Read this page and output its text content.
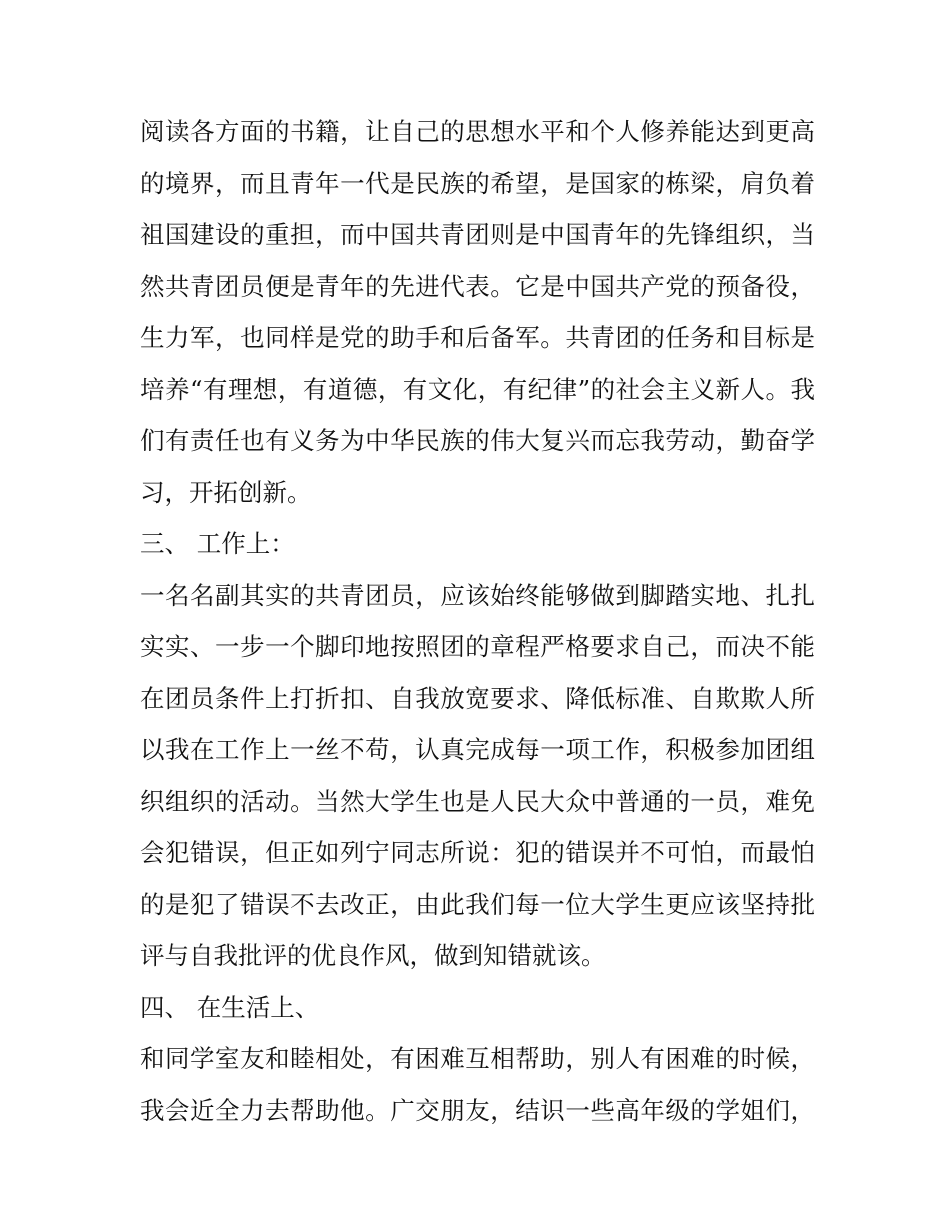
阅读各方面的书籍，让自己的思想水平和个人修养能达到更高

的境界，而且青年一代是民族的希望，是国家的栋梁，肩负着

祖国建设的重担，而中国共青团则是中国青年的先锋组织，当

然共青团员便是青年的先进代表。它是中国共产党的预备役，

生力军，也同样是党的助手和后备军。共青团的任务和目标是

培养“有理想，有道德，有文化，有纪律”的社会主义新人。我

们有责任也有义务为中华民族的伟大复兴而忘我劳动，勤奋学

习，开拓创新。

三、 工作上：

一名名副其实的共青团员，应该始终能够做到脚踏实地、扎扎

实实、一步一个脚印地按照团的章程严格要求自己，而决不能

在团员条件上打折扣、自我放宽要求、降低标准、自欺欺人所

以我在工作上一丝不苟，认真完成每一项工作，积极参加团组

织组织的活动。当然大学生也是人民大众中普通的一员，难免

会犯错误，但正如列宁同志所说：犯的错误并不可怕，而最怕

的是犯了错误不去改正，由此我们每一位大学生更应该坚持批

评与自我批评的优良作风，做到知错就该。

四、 在生活上、

和同学室友和睦相处，有困难互相帮助，别人有困难的时候，

我会近全力去帮助他。广交朋友，结识一些高年级的学姐们，
